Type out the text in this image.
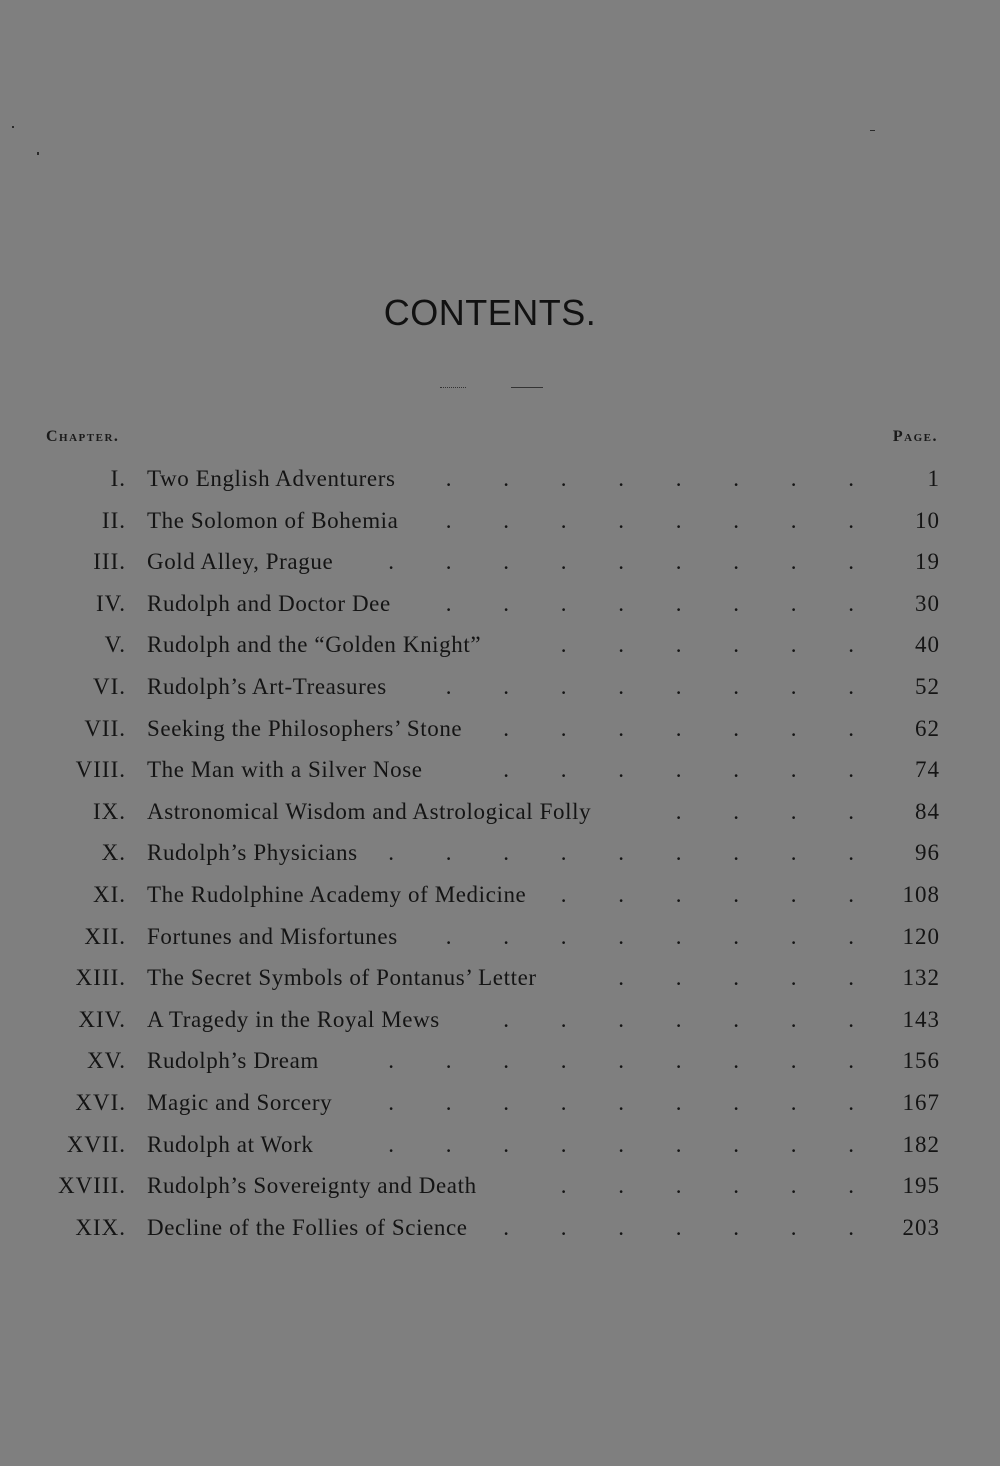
CONTENTS.
Chapter.	Page.
I. Two English Adventurers .   .   .   .   .   .   .   .	1
II. The Solomon of Bohemia .   .   .   .   .   .   .   .	10
III. Gold Alley, Prague .   .   .   .   .   .   .   .   .	19
IV. Rudolph and Doctor Dee .   .   .   .   .   .   .   .	30
V. Rudolph and the “Golden Knight”	.   .   .   .   .   .	40
VI. Rudolph’s Art-Treasures	.   .   .   .   .   .   .   .	52
VII. Seeking the Philosophers’ Stone .   .   .   .   .   .   .	62
VIII. The Man with a Silver Nose	.   .   .   .   .   .   .	74
IX. Astronomical Wisdom and Astrological Folly	.   .   .   .	84
X. Rudolph’s Physicians .   .   .   .   .   .   .   .   .	96
XI. The Rudolphine Academy of Medicine .   .   .   .   .   . 108
XII. Fortunes and Misfortunes .   .   .   .   .   .   .   . 120
XIII. The Secret Symbols of Pontanus’ Letter	.   .   .   .   . 132
XIV. A Tragedy in the Royal Mews	.   .   .   .   .   .   . 143
XV. Rudolph’s Dream	.   .   .   .   .   .   .   .   . 156
XVI. Magic and Sorcery .   .   .   .   .   .   .   .   . 167
XVII. Rudolph at Work	.   .   .   .   .   .   .   .   . 182
XVIII. Rudolph’s Sovereignty and Death	.   .   .   .   .   . 195
XIX. Decline of the Follies of Science .   .   .   .   .   .   . 203
